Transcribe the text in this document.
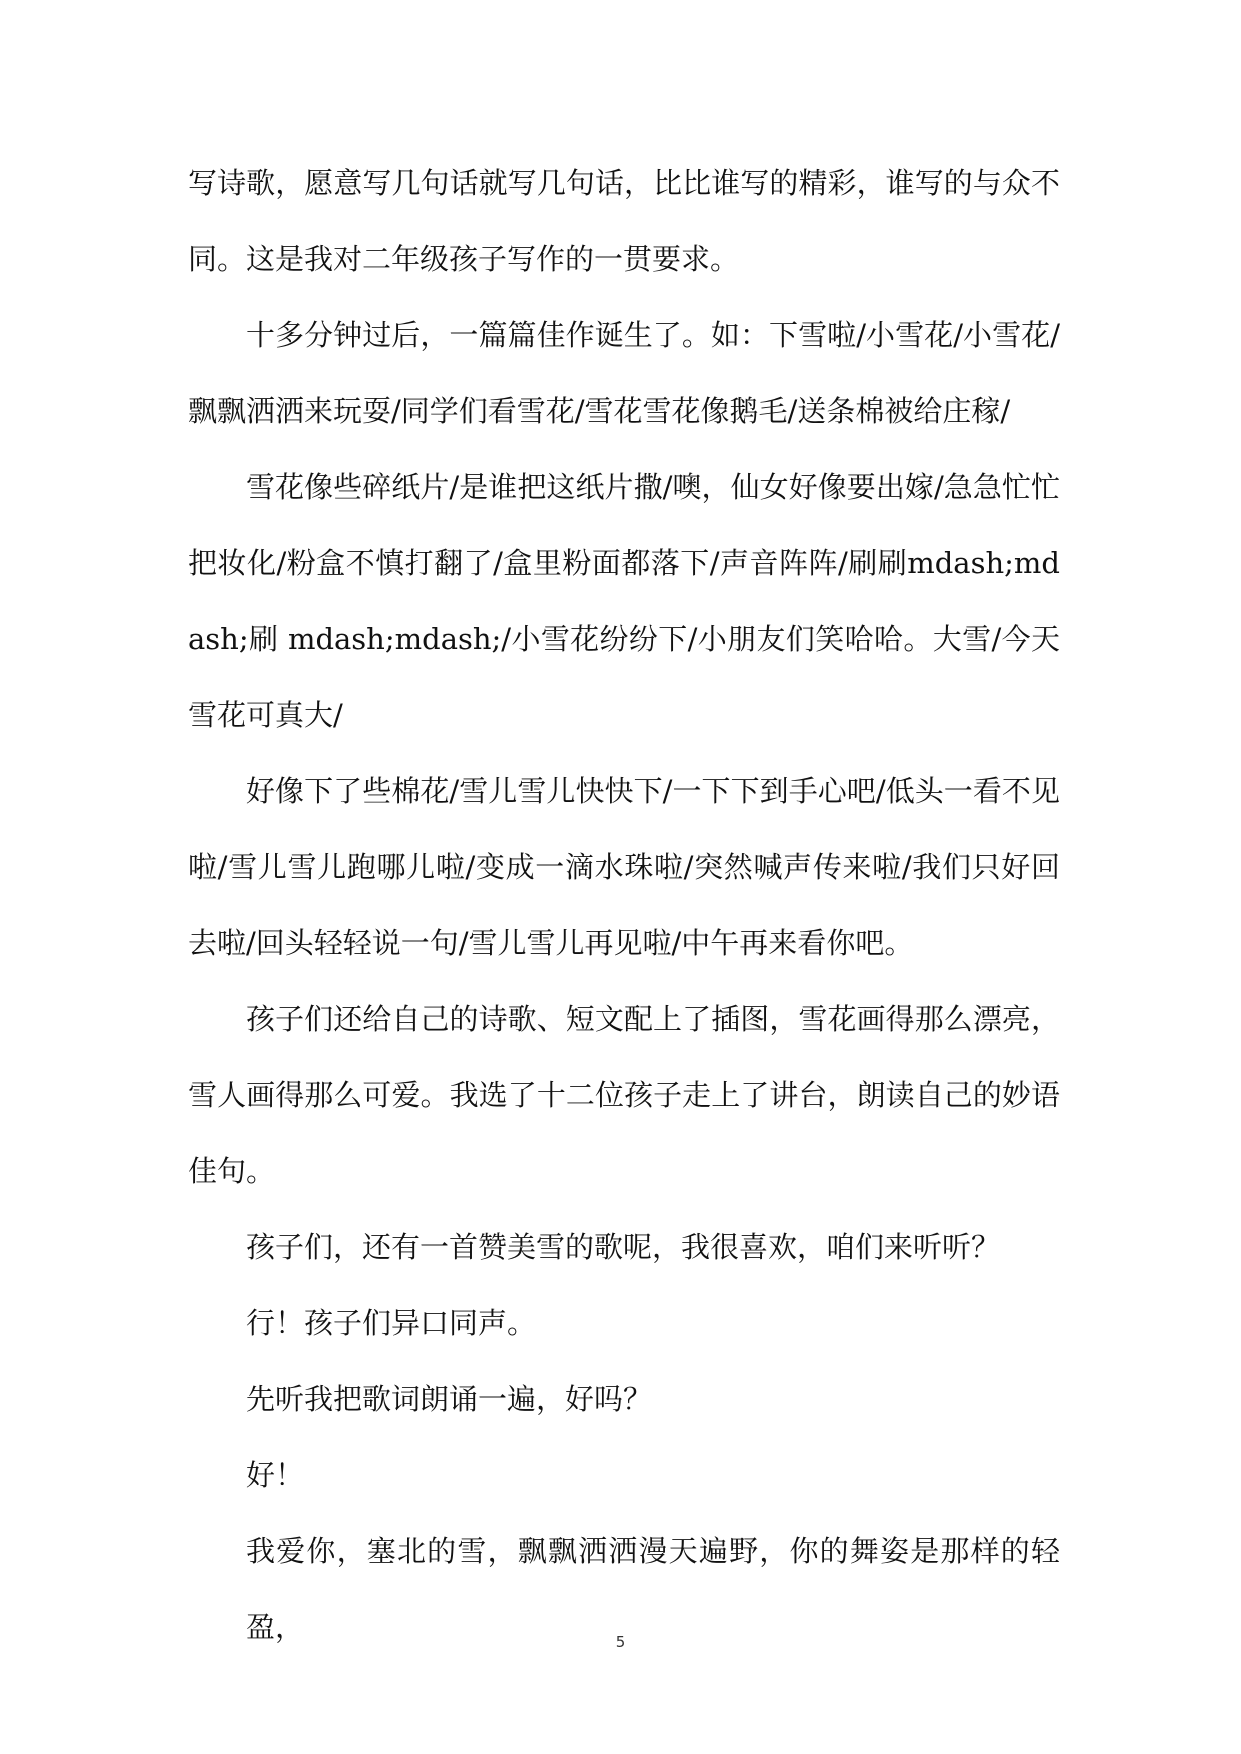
写诗歌，愿意写几句话就写几句话，比比谁写的精彩，谁写的与众不同。这是我对二年级孩子写作的一贯要求。

十多分钟过后，一篇篇佳作诞生了。如：下雪啦/小雪花/小雪花/飘飘洒洒来玩耍/同学们看雪花/雪花雪花像鹅毛/送条棉被给庄稼/

雪花像些碎纸片/是谁把这纸片撒/噢，仙女好像要出嫁/急急忙忙把妆化/粉盒不慎打翻了/盒里粉面都落下/声音阵阵/刷刷mdash;mdash;刷 mdash;mdash;/小雪花纷纷下/小朋友们笑哈哈。大雪/今天雪花可真大/

好像下了些棉花/雪儿雪儿快快下/一下下到手心吧/低头一看不见啦/雪儿雪儿跑哪儿啦/变成一滴水珠啦/突然喊声传来啦/我们只好回去啦/回头轻轻说一句/雪儿雪儿再见啦/中午再来看你吧。

孩子们还给自己的诗歌、短文配上了插图，雪花画得那么漂亮，雪人画得那么可爱。我选了十二位孩子走上了讲台，朗读自己的妙语佳句。

孩子们，还有一首赞美雪的歌呢，我很喜欢，咱们来听听？

行！孩子们异口同声。

先听我把歌词朗诵一遍，好吗？

好！

我爱你，塞北的雪，飘飘洒洒漫天遍野，你的舞姿是那样的轻盈，	5
